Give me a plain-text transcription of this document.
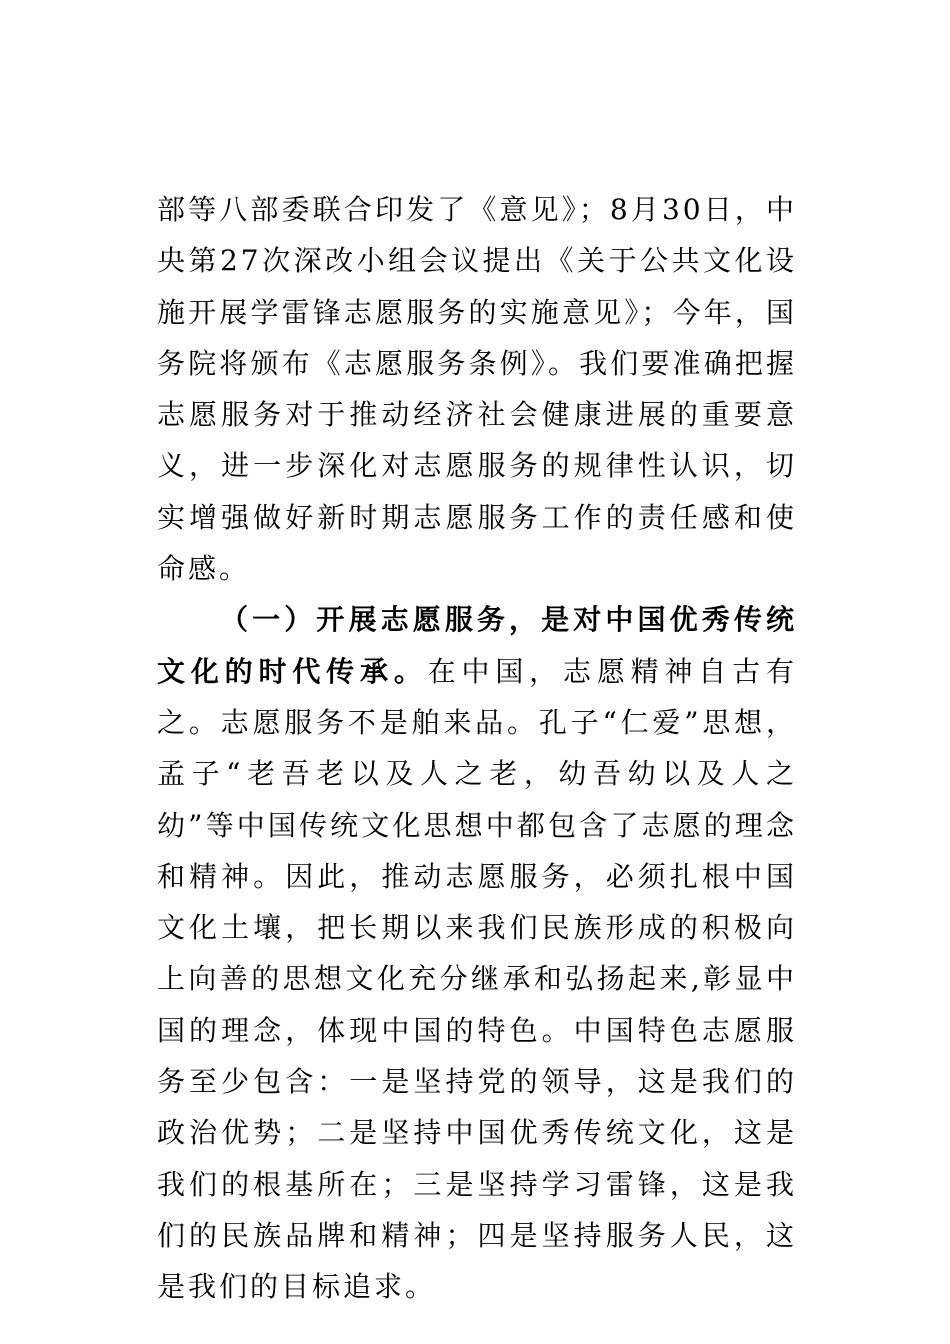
部等八部委联合印发了《意见》；8月30日，中央第27次深改小组会议提出《关于公共文化设施开展学雷锋志愿服务的实施意见》；今年，国务院将颁布《志愿服务条例》。我们要准确把握志愿服务对于推动经济社会健康进展的重要意义，进一步深化对志愿服务的规律性认识，切实增强做好新时期志愿服务工作的责任感和使命感。

（一）开展志愿服务，是对中国优秀传统文化的时代传承。在中国，志愿精神自古有之。志愿服务不是舶来品。孔子“仁爱”思想，孟子“老吾老以及人之老，幼吾幼以及人之幼”等中国传统文化思想中都包含了志愿的理念和精神。因此，推动志愿服务，必须扎根中国文化土壤，把长期以来我们民族形成的积极向上向善的思想文化充分继承和弘扬起来,彰显中国的理念，体现中国的特色。中国特色志愿服务至少包含：一是坚持党的领导，这是我们的政治优势；二是坚持中国优秀传统文化，这是我们的根基所在；三是坚持学习雷锋，这是我们的民族品牌和精神；四是坚持服务人民，这是我们的目标追求。
